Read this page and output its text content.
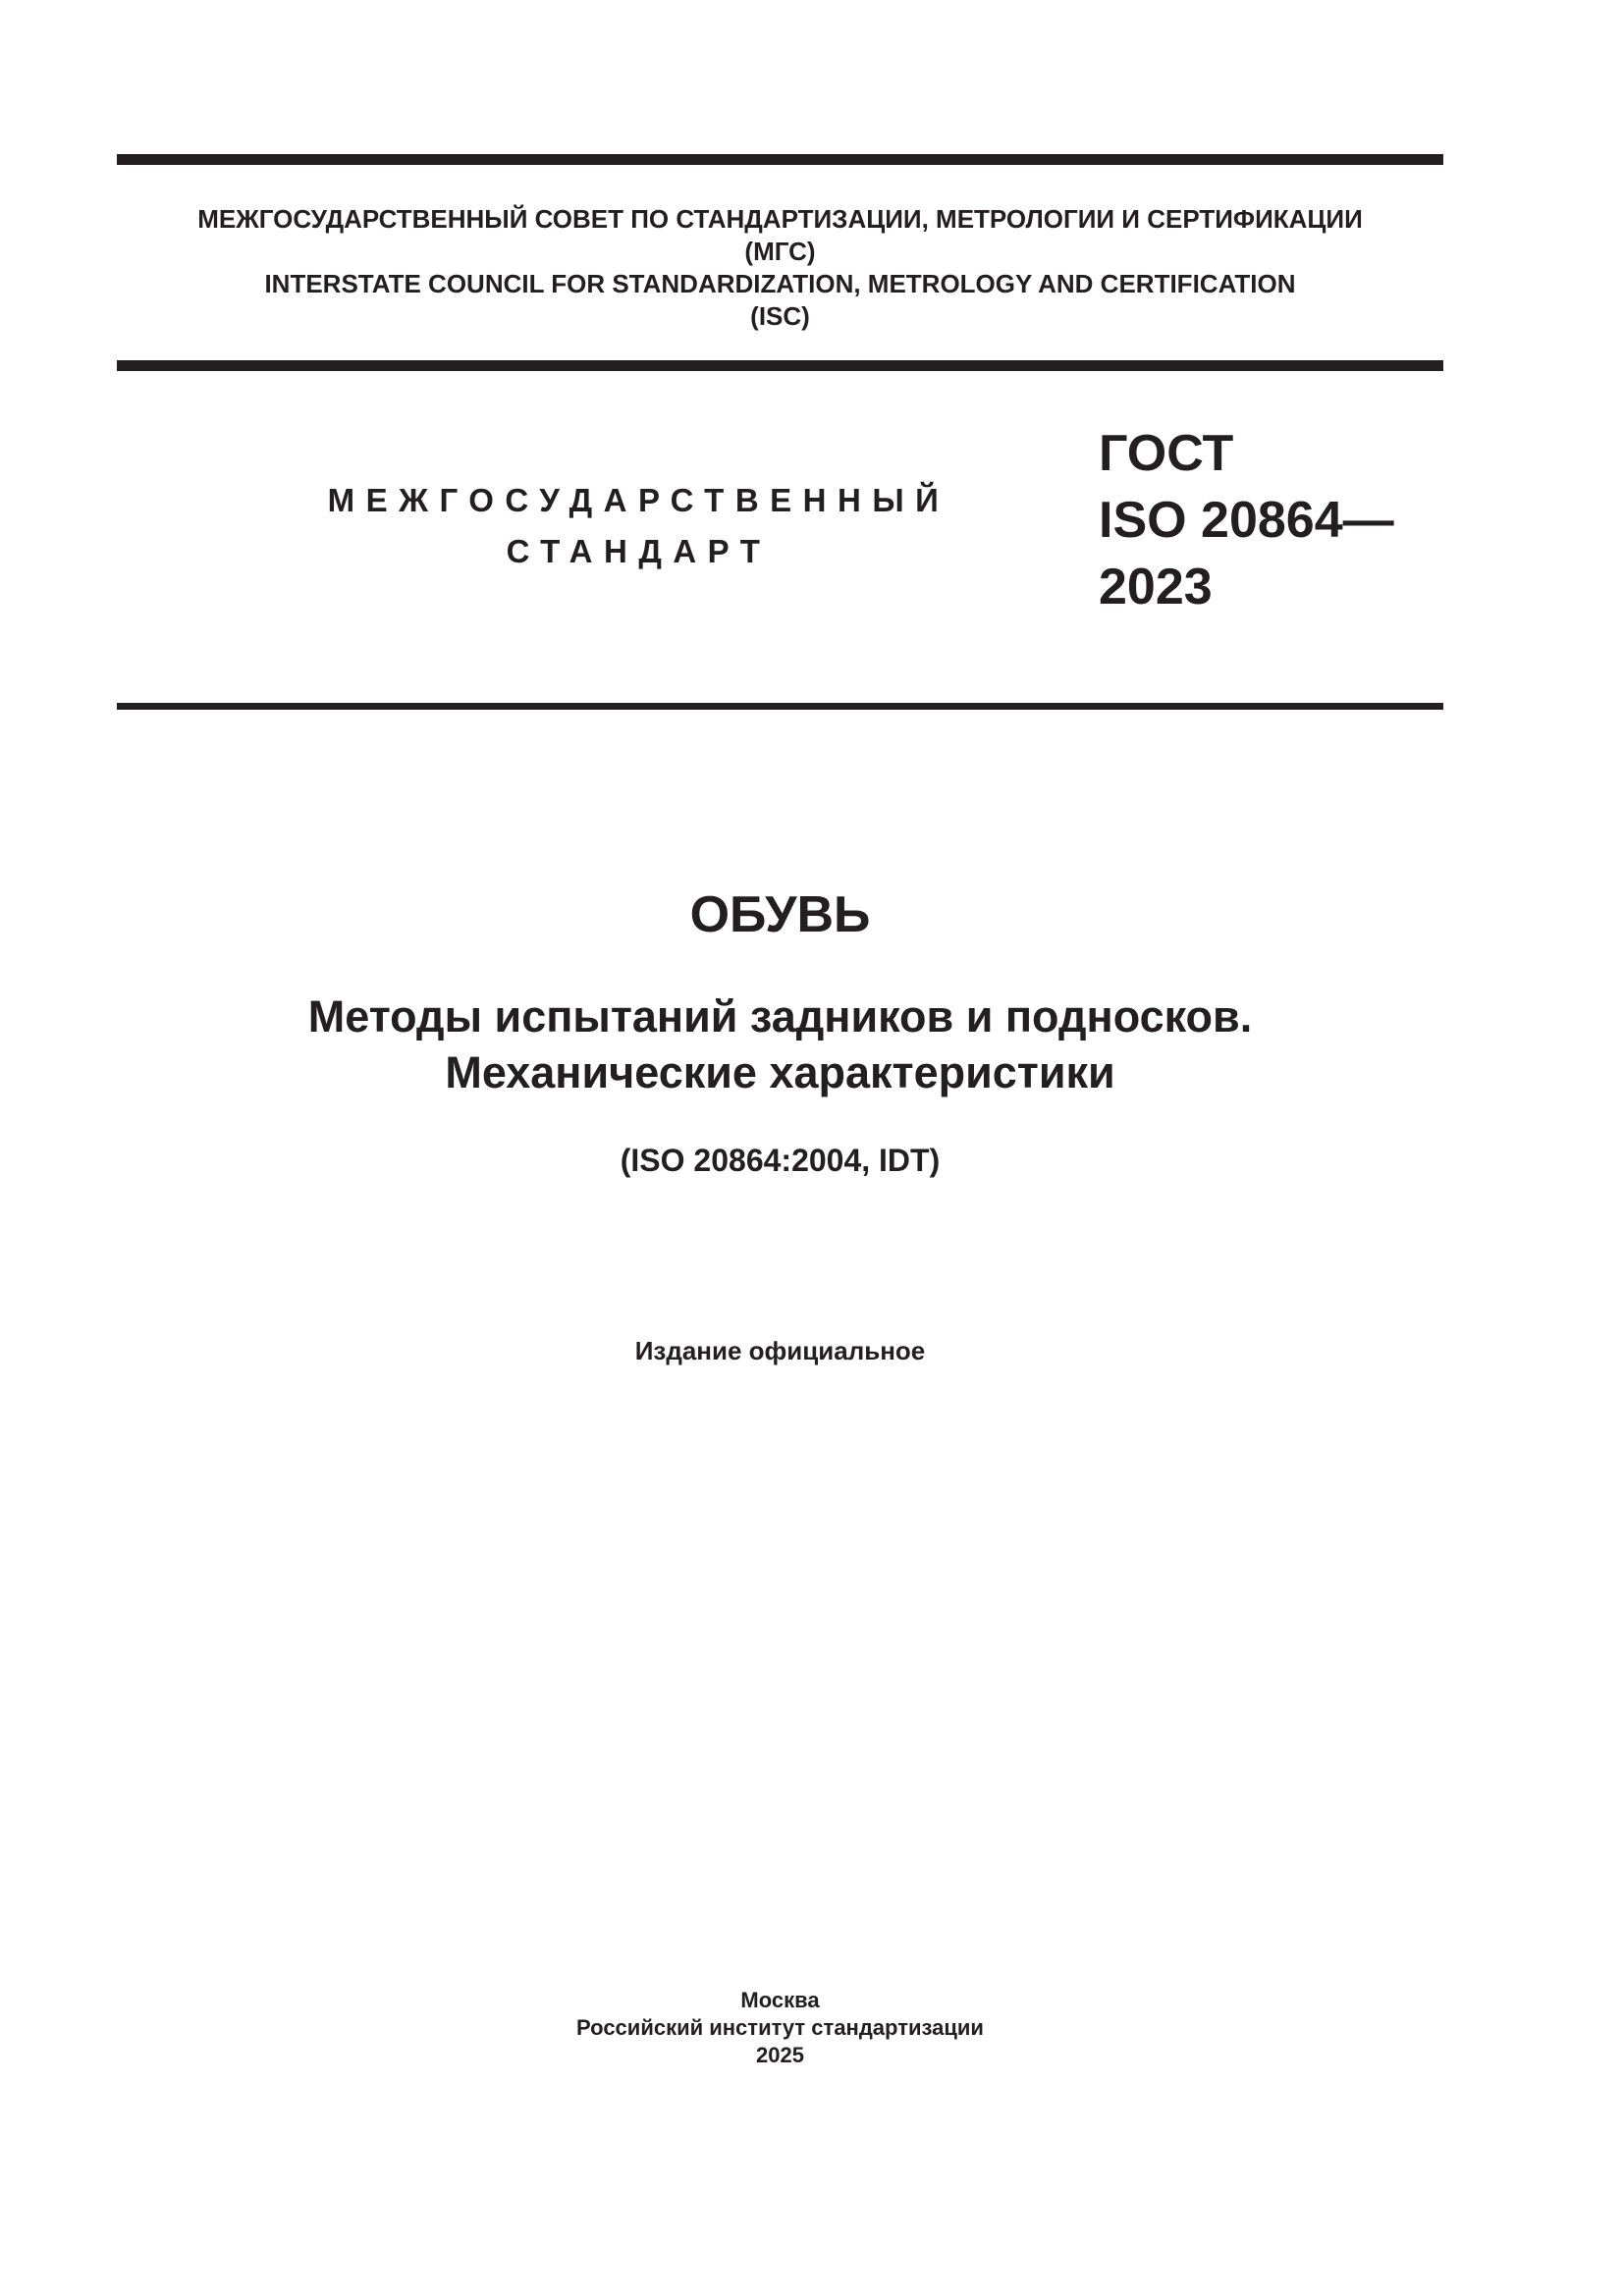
МЕЖГОСУДАРСТВЕННЫЙ СОВЕТ ПО СТАНДАРТИЗАЦИИ, МЕТРОЛОГИИ И СЕРТИФИКАЦИИ
(МГС)
INTERSTATE COUNCIL FOR STANDARDIZATION, METROLOGY AND CERTIFICATION
(ISC)
МЕЖГОСУДАРСТВЕННЫЙ
СТАНДАРТ
ГОСТ
ISO 20864—
2023
ОБУВЬ
Методы испытаний задников и подносков.
Механические характеристики
(ISO 20864:2004, IDT)
Издание официальное
Москва
Российский институт стандартизации
2025
